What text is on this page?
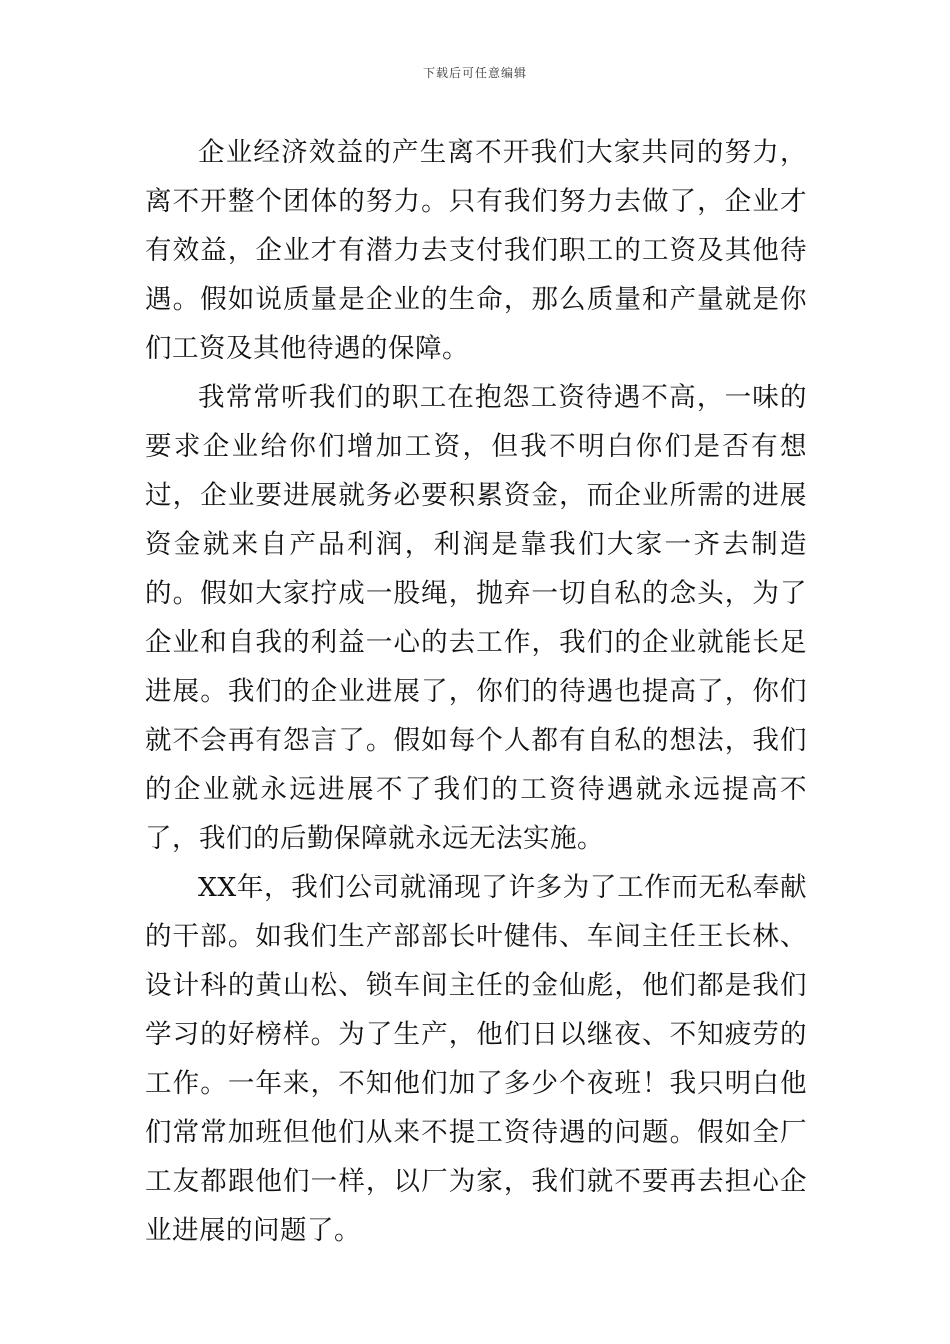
下载后可任意编辑

企业经济效益的产生离不开我们大家共同的努力，离不开整个团体的努力。只有我们努力去做了，企业才有效益，企业才有潜力去支付我们职工的工资及其他待遇。假如说质量是企业的生命，那么质量和产量就是你们工资及其他待遇的保障。

我常常听我们的职工在抱怨工资待遇不高，一味的要求企业给你们增加工资，但我不明白你们是否有想过，企业要进展就务必要积累资金，而企业所需的进展资金就来自产品利润，利润是靠我们大家一齐去制造的。假如大家拧成一股绳，抛弃一切自私的念头，为了企业和自我的利益一心的去工作，我们的企业就能长足进展。我们的企业进展了，你们的待遇也提高了，你们就不会再有怨言了。假如每个人都有自私的想法，我们的企业就永远进展不了我们的工资待遇就永远提高不了，我们的后勤保障就永远无法实施。

XX年，我们公司就涌现了许多为了工作而无私奉献的干部。如我们生产部部长叶健伟、车间主任王长林、设计科的黄山松、锁车间主任的金仙彪，他们都是我们学习的好榜样。为了生产，他们日以继夜、不知疲劳的工作。一年来，不知他们加了多少个夜班！我只明白他们常常加班但他们从来不提工资待遇的问题。假如全厂工友都跟他们一样，以厂为家，我们就不要再去担心企业进展的问题了。
